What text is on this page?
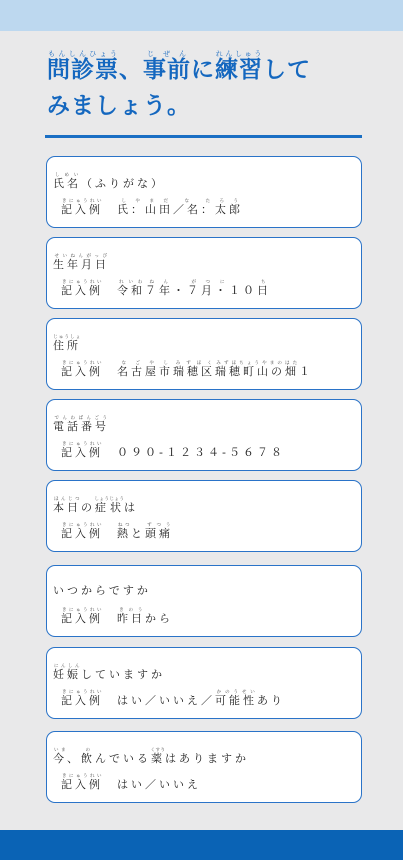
問診票もんしんひょう、事前じぜんに練習れんしゅうして
みましょう。
氏名しめい（ふりがな）
記入例きにゅうれい氏し：山田やまだ／名な：太郎たろう
生年月日せいねんがっぴ
記入例きにゅうれい令和れいわ７年ねん・７月がつ・１０日にち
住所じゅうしょ
記入例きにゅうれい名古屋市なごやし瑞穂区みずほく瑞穂町山の畑みずほちょうやまのはた１
電話番号でんわばんごう
記入例きにゅうれい０９０-１２３４-５６７８
本日ほんじつの症状しょうじょうは
記入例きにゅうれい熱ねつと頭痛ずつう
いつからですか
記入例きにゅうれい昨日きのうから
妊娠にんしんしていますか
記入例きにゅうれいはい／いいえ／可能性かのうせいあり
今いま、飲のんでいる薬くすりはありますか
記入例きにゅうれいはい／いいえ
